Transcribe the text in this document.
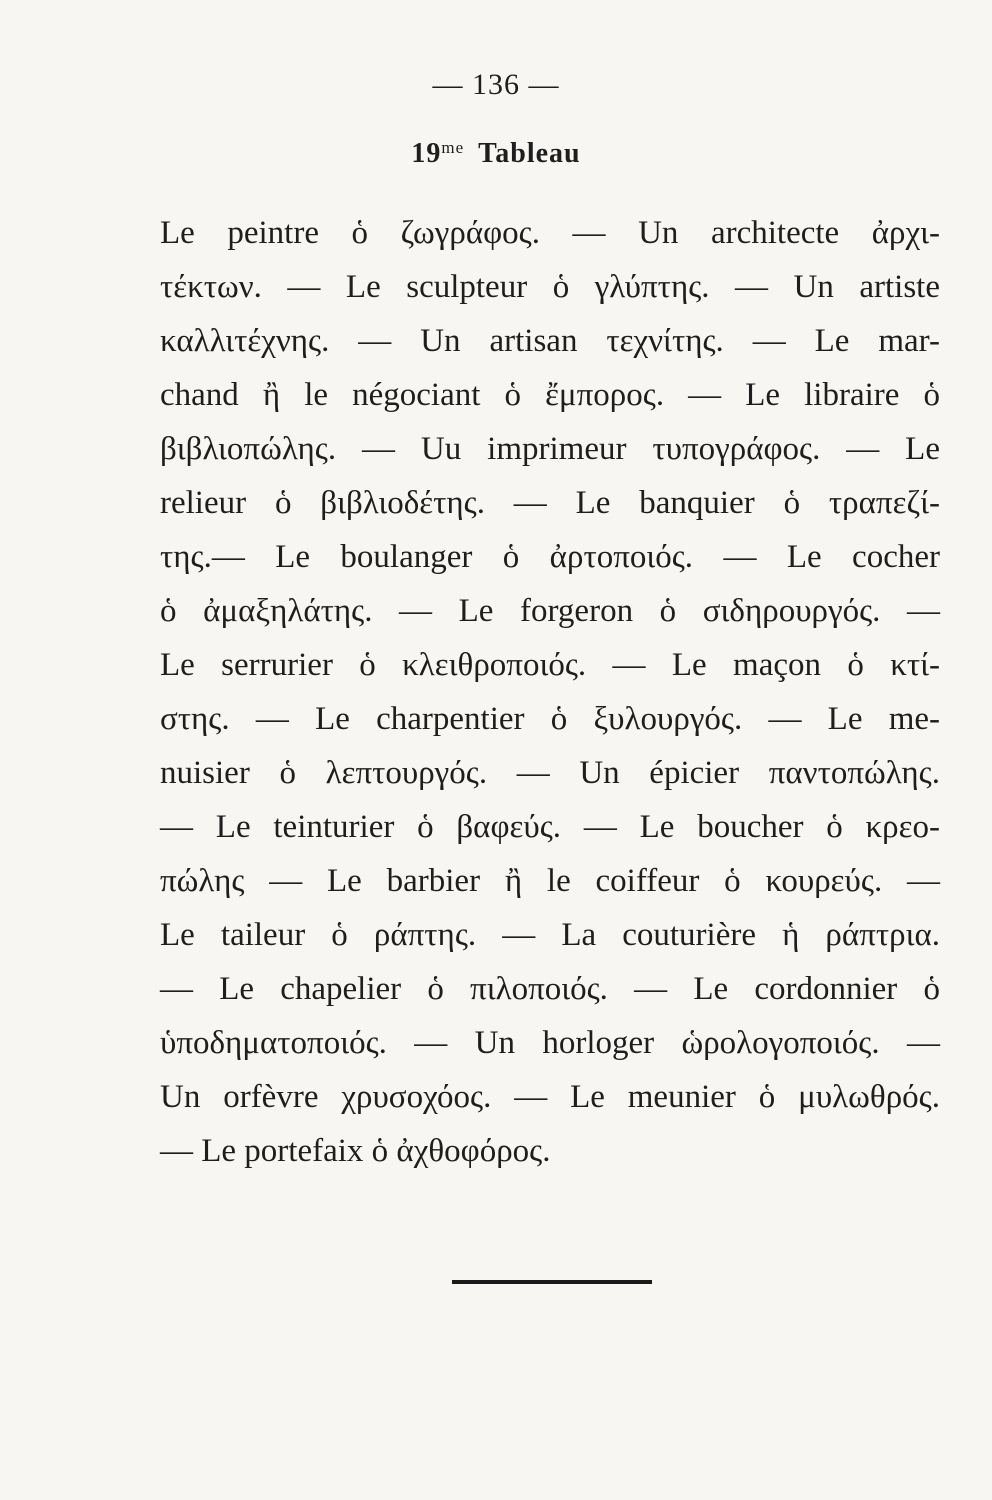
— 136 —
$19^{me}$ Tableau
Le peintre ὁ ζωγράφος. — Un architecte ἀρχι-
τέκτων. — Le sculpteur ὁ γλύπτης. — Un artiste
καλλιτέχνης. — Un artisan τεχνίτης. — Le mar-
chand ἢ le négociant ὁ ἔμπορος. — Le libraire ὁ
βιβλιοπώλης. — Uu imprimeur τυπογράφος. — Le
relieur ὁ βιβλιοδέτης. — Le banquier ὁ τραπεζί-
της.— Le boulanger ὁ ἀρτοποιός. — Le cocher
ὁ ἀμαξηλάτης. — Le forgeron ὁ σιδηρουργός. —
Le serrurier ὁ κλειθροποιός. — Le maçon ὁ κτί-
στης. — Le charpentier ὁ ξυλουργός. — Le me-
nuisier ὁ λεπτουργός. — Un épicier παντοπώλης.
— Le teinturier ὁ βαφεύς. — Le boucher ὁ κρεο-
πώλης — Le barbier ἢ le coiffeur ὁ κουρεύς. —
Le taileur ὁ ράπτης. — La couturière ἡ ράπτρια.
— Le chapelier ὁ πιλοποιός. — Le cordonnier ὁ
ὑποδηματοποιός. — Un horloger ὡρολογοποιός. —
Un orfèvre χρυσοχόος. — Le meunier ὁ μυλωθρός.
— Le portefaix ὁ ἀχθοφόρος.
